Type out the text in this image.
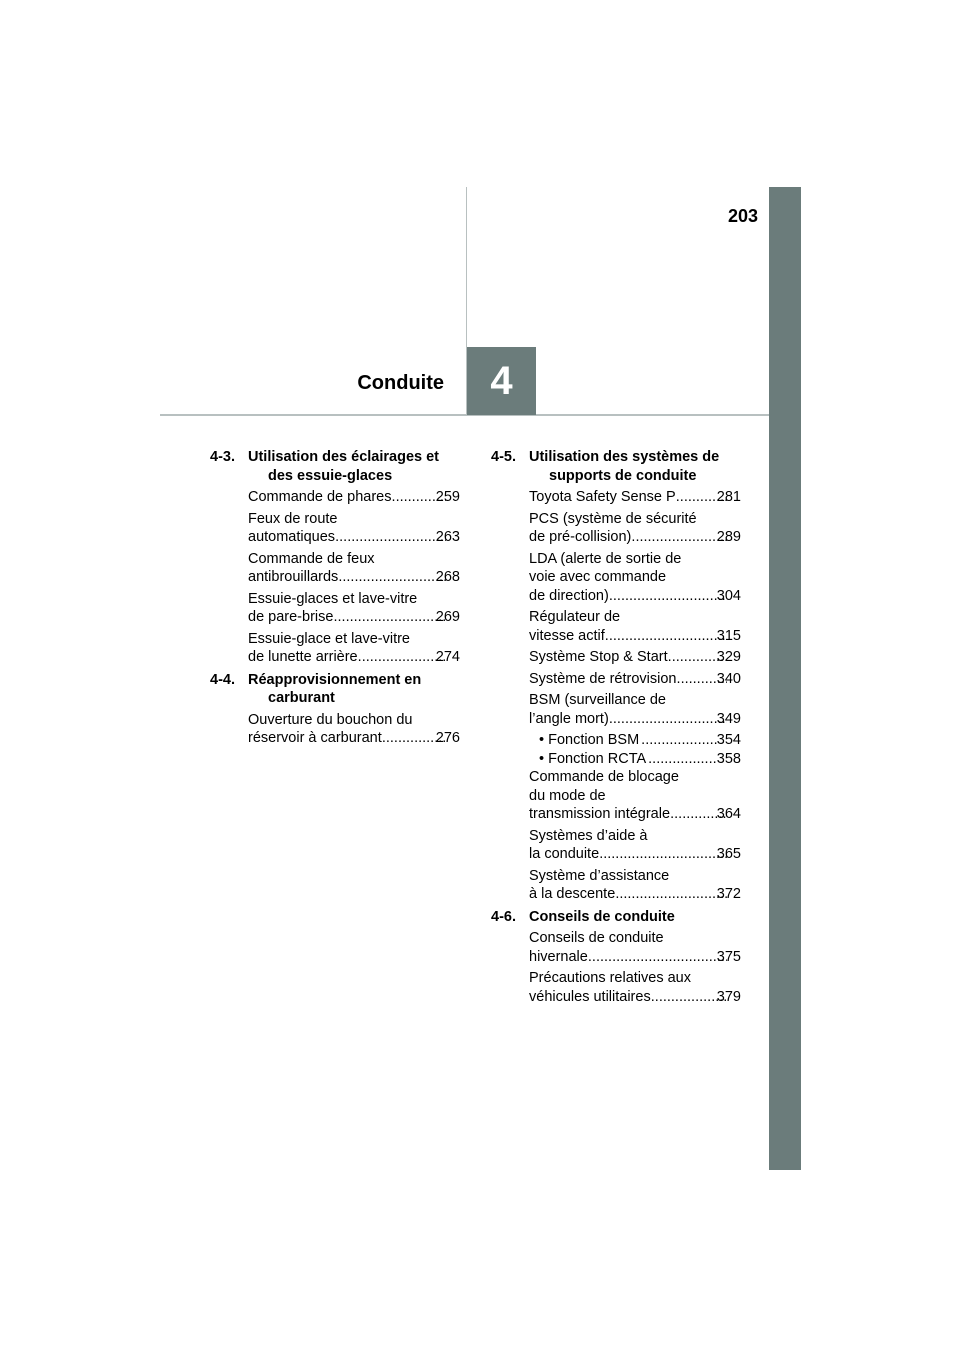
203
Conduite 4
4-3. Utilisation des éclairages et des essuie-glaces
Commande de phares .....	259
Feux de route
automatiques .....	263
Commande de feux
antibrouillards .....	268
Essuie-glaces et lave-vitre
de pare-brise .....	269
Essuie-glace et lave-vitre
de lunette arrière .....	274
4-4. Réapprovisionnement en carburant
Ouverture du bouchon du
réservoir à carburant .....	276
4-5. Utilisation des systèmes de supports de conduite
Toyota Safety Sense P .....	281
PCS (système de sécurité
de pré-collision) .....	289
LDA (alerte de sortie de
voie avec commande
de direction) .....	304
Régulateur de
vitesse actif .....	315
Système Stop & Start .....	329
Système de rétrovision .....	340
BSM (surveillance de
l’angle mort) .....	349
• Fonction BSM .....	354
• Fonction RCTA .....	358
Commande de blocage
du mode de
transmission intégrale .....	364
Systèmes d’aide à
la conduite .....	365
Système d’assistance
à la descente .....	372
4-6. Conseils de conduite
Conseils de conduite
hivernale .....	375
Précautions relatives aux
véhicules utilitaires .....	379
